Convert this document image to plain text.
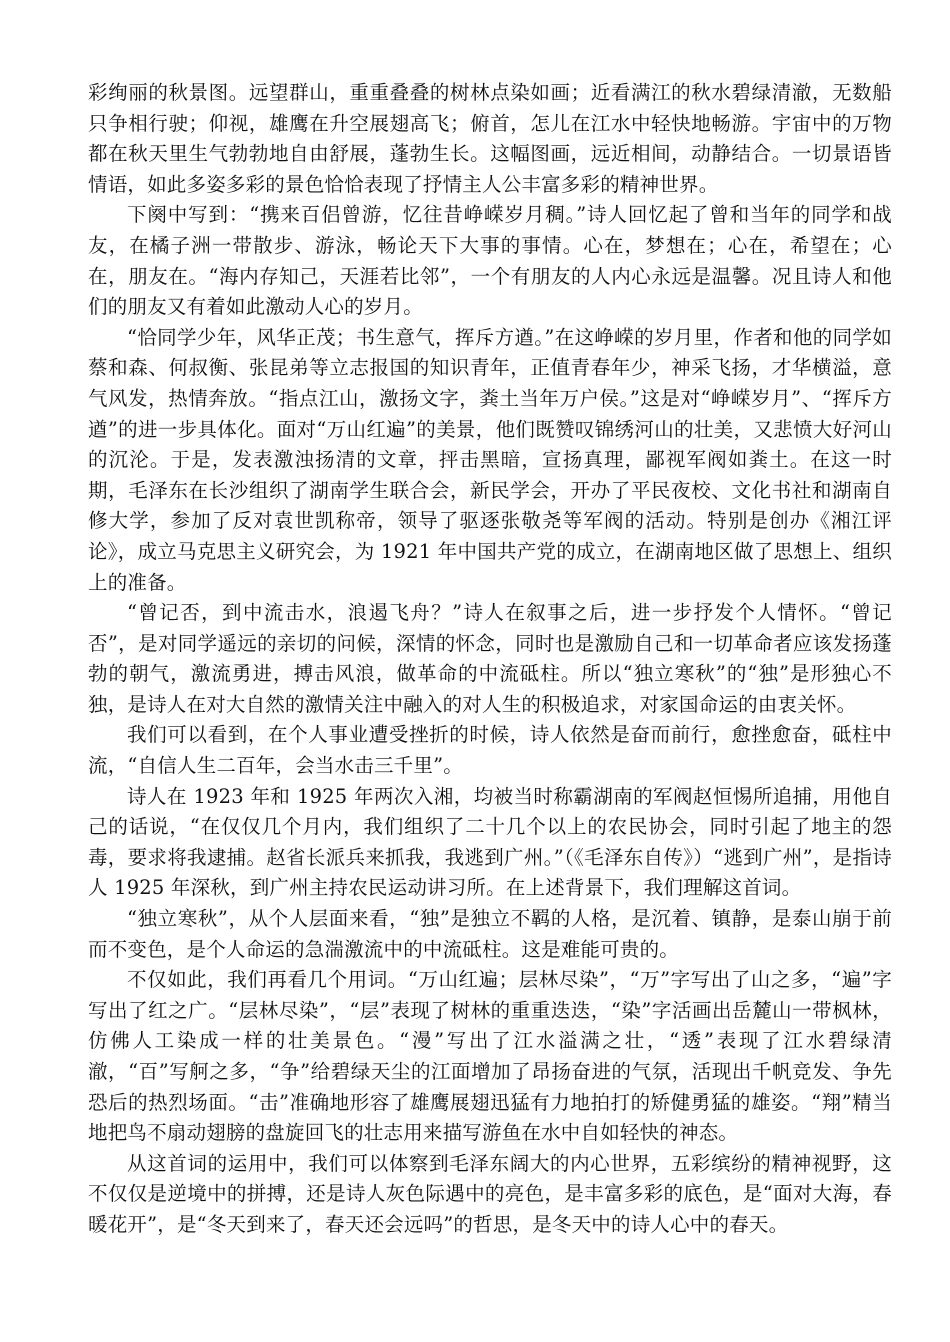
彩绚丽的秋景图。远望群山，重重叠叠的树林点染如画；近看满江的秋水碧绿清澈，无数船只争相行驶；仰视，雄鹰在升空展翅高飞；俯首，怎儿在江水中轻快地畅游。宇宙中的万物都在秋天里生气勃勃地自由舒展，蓬勃生长。这幅图画，远近相间，动静结合。一切景语皆情语，如此多姿多彩的景色恰恰表现了抒情主人公丰富多彩的精神世界。

下阕中写到：“携来百侣曾游，忆往昔峥嵘岁月稠。”诗人回忆起了曾和当年的同学和战友，在橘子洲一带散步、游泳，畅论天下大事的事情。心在，梦想在；心在，希望在；心在，朋友在。“海内存知己，天涯若比邻”，一个有朋友的人内心永远是温馨。况且诗人和他们的朋友又有着如此激动人心的岁月。

“恰同学少年，风华正茂；书生意气，挥斥方遒。”在这峥嵘的岁月里，作者和他的同学如蔡和森、何叔衡、张昆弟等立志报国的知识青年，正值青春年少，神采飞扬，才华横溢，意气风发，热情奔放。“指点江山，激扬文字，粪土当年万户侯。”这是对“峥嵘岁月”、“挥斥方遒”的进一步具体化。面对“万山红遍”的美景，他们既赞叹锦绣河山的壮美，又悲愤大好河山的沉沦。于是，发表激浊扬清的文章，抨击黑暗，宣扬真理，鄙视军阀如粪土。在这一时期，毛泽东在长沙组织了湖南学生联合会，新民学会，开办了平民夜校、文化书社和湖南自修大学，参加了反对袁世凯称帝，领导了驱逐张敬尧等军阀的活动。特别是创办《湘江评论》，成立马克思主义研究会，为 1921 年中国共产党的成立，在湖南地区做了思想上、组织上的准备。

“曾记否，到中流击水，浪遏飞舟？”诗人在叙事之后，进一步抒发个人情怀。“曾记否”，是对同学遥远的亲切的问候，深情的怀念，同时也是激励自己和一切革命者应该发扬蓬勃的朝气，激流勇进，搏击风浪，做革命的中流砥柱。所以“独立寒秋”的“独”是形独心不独，是诗人在对大自然的激情关注中融入的对人生的积极追求，对家国命运的由衷关怀。

我们可以看到，在个人事业遭受挫折的时候，诗人依然是奋而前行，愈挫愈奋，砥柱中流，“自信人生二百年，会当水击三千里”。

诗人在 1923 年和 1925 年两次入湘，均被当时称霸湖南的军阀赵恒惕所追捕，用他自己的话说，“在仅仅几个月内，我们组织了二十几个以上的农民协会，同时引起了地主的怨毒，要求将我逮捕。赵省长派兵来抓我，我逃到广州。”（《毛泽东自传》）“逃到广州”，是指诗人 1925 年深秋，到广州主持农民运动讲习所。在上述背景下，我们理解这首词。

“独立寒秋”，从个人层面来看，“独”是独立不羁的人格，是沉着、镇静，是泰山崩于前而不变色，是个人命运的急湍激流中的中流砥柱。这是难能可贵的。

不仅如此，我们再看几个用词。“万山红遍；层林尽染”，“万”字写出了山之多，“遍”字写出了红之广。“层林尽染”，“层”表现了树林的重重迭迭，“染”字活画出岳麓山一带枫林，仿佛人工染成一样的壮美景色。“漫”写出了江水溢满之壮，“透”表现了江水碧绿清澈，“百”写舸之多，“争”给碧绿天尘的江面增加了昂扬奋进的气氛，活现出千帆竞发、争先恐后的热烈场面。“击”准确地形容了雄鹰展翅迅猛有力地拍打的矫健勇猛的雄姿。“翔”精当地把鸟不扇动翅膀的盘旋回飞的壮志用来描写游鱼在水中自如轻快的神态。

从这首词的运用中，我们可以体察到毛泽东阔大的内心世界，五彩缤纷的精神视野，这不仅仅是逆境中的拼搏，还是诗人灰色际遇中的亮色，是丰富多彩的底色，是“面对大海，春暖花开”，是“冬天到来了，春天还会远吗”的哲思，是冬天中的诗人心中的春天。
